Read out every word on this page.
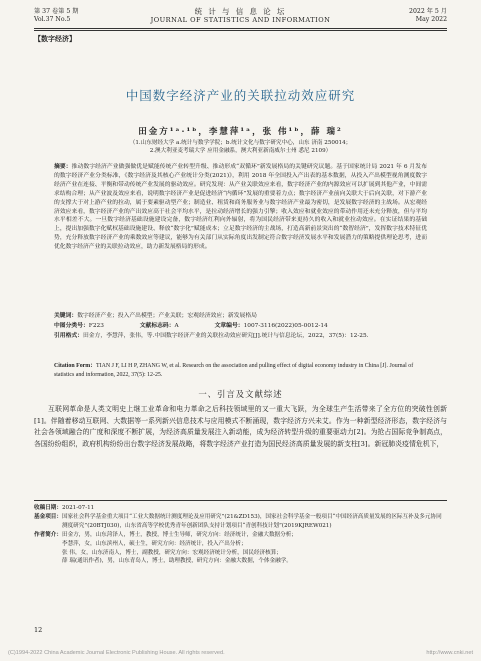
第 37 卷第 5 期
Vol.37 No.5
统 计 与 信 息 论 坛
JOURNAL OF STATISTICS AND INFORMATION
2022 年 5 月
May 2022
【数字经济】
中国数字经济产业的关联拉动效应研究
田金方¹ᵃ·¹ᵇ，李慧萍¹ᵃ，张 伟¹ᵇ，薛 瑞²
（1.山东财经大学 a.统计与数学学院；b.统计文化与数字研究中心，山东 济南 250014；
2.澳大利亚麦考瑞大学 应用金融系，澳大利亚新南威尔士州 悉尼 2109）
摘要：推动数字经济产业做强做优是赋能传统产业转型升级、推动形成“双循环”新发展格局的关键研究议题。基于国家统计局 2021 年 6 月发布的数字经济产业分类标准，《数字经济及其核心产业统计分类(2021)》，利用 2018 年全国投入产出表的基本数据，从投入产出模型视角测度数字经济产业在连接、平衡和带动传统产业发展的驱动效应。研究发现：从产业关联效应来看，数字经济产业的内源效应可以扩展到其他产业，中间需求结构合理；从产业波及效应来看，说明数字经济产业是促进经济“内循环”发展的重要着力点；数字经济产业前向关联大于后向关联，对下游产业的支撑大于对上游产业的拉动，属于要素驱动型产业；制造业、租赁和商务服务业与数字经济产业最为密切，是发展数字经济的主战场。从宏观经济效应来看，数字经济产业的产出效应高于社会平均水平，是拉动经济增长的强力引擎；收入效应和就业效应的带动作用还未充分释放，但与平均水平相差不大。一旦数字经济基础设施建设完备，数字经济红利向外辐射，将为国民经济带来更持久的收入和就业拉动效应。在实证结果的基础上，提出加强数字化赋权基础设施建设、释放“数字化”赋能成本；立足数字经济的主战场，打造高新前景突出的“数智经济”，发挥数字技术特征优势，充分释放数字经济产业的乘数效应等建议，能够为有关部门从实际角度出发制定符合数字经济发展水平和发展潜力的策略提供理论思考，进而优化数字经济产业的关联拉动效应，助力新发展格局的形成。
关键词：数字经济产业；投入产出模型；产业关联；宏观经济效应；新发展格局
中图分类号：F223	文献标志码：A	文章编号：1007-3116(2022)05-0012-14
引用格式：田金方，李慧萍，张伟，等.中国数字经济产业的关联拉动效应研究[J].统计与信息论坛，2022，37(5)：12-25.
Citation Form：TIAN J F, LI H P, ZHANG W, et al. Research on the association and pulling effect of digital economy industry in China [J]. Journal of statistics and information, 2022, 37(5): 12-25.
一、引言及文献综述
互联网革命是人类文明史上继工业革命和电力革命之后科技领域里的又一重大飞跃，为全球生产生活带来了全方位的突破性创新[1]。伴随着移动互联网、大数据等一系列新兴信息技术与应用模式不断涌现，数字经济方兴未艾。作为一种新型经济形态，数字经济与社会各领域融合的广度和深度不断扩展，为经济高质量发展注入新动能，成为经济转型升级的重要驱动力[2]。为抢占国际竞争制高点，各国纷纷组织，政府机构纷纷出台数字经济发展战略，将数字经济产业打造为国民经济高质量发展的新支柱[3]。新冠肺炎疫情危机下，
收稿日期： 2021-07-11
基金项目： 国家社会科学基金重大项目“工业大数据统计测度理论及应用研究”(21&ZD153)，国家社会科学基金一般项目“中国经济高质量发展的区际互补及多元协同测度研究”(20BTJ030)，山东省高等学校优秀青年创新团队支持计划项目“青创科技计划”(2019KJREW021)
作者简介： 田金方，男，山东菏泽人，博士，教授，博士生导师，研究方向：经济统计，金融大数据分析；
李慧萍，女，山东滨州人，硕士生，研究方向：经济统计，投入产出分析；
张 伟，女，山东济南人，博士，副教授，研究方向：宏观经济统计分析，国民经济核算；
薛 瑞(通讯作者)，男，山东青岛人，博士，助理教授，研究方向：金融大数据，个体金融学。
12
(C)1994-2022 China Academic Journal Electronic Publishing House. All rights reserved.	http://www.cnki.net
